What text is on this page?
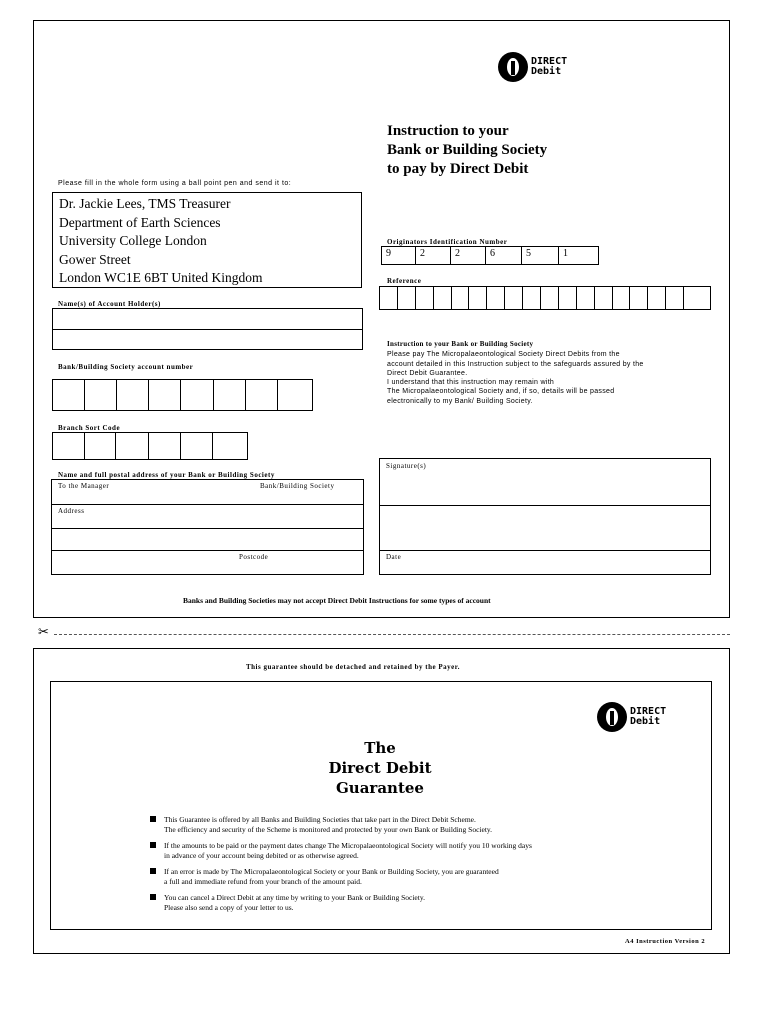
DIRECT
Debit
Instruction to your
Bank or Building Society
to pay by Direct Debit
Please fill in the whole form using a ball point pen and send it to:
Dr. Jackie Lees, TMS Treasurer
Department of Earth Sciences
University College London
Gower Street
London WC1E 6BT United Kingdom
Originators Identification Number
9	2	2	6	5	1
Reference
Name(s) of Account Holder(s)
Bank/Building Society account number
Branch Sort Code
Name and full postal address of your Bank or Building Society
To the Manager	Bank/Building Society
Address
Postcode
Instruction to your Bank or Building Society
Please pay The Micropalaeontological Society Direct Debits from the
account detailed in this Instruction subject to the safeguards assured by the
Direct Debit Guarantee.
I understand that this instruction may remain with
The Micropalaeontological Society and, if so, details will be passed
electronically to my Bank/ Building Society.
Signature(s)
Date
Banks and Building Societies may not accept Direct Debit Instructions for some types of account
✂
This guarantee should be detached and retained by the Payer.
DIRECT
Debit
The
Direct Debit
Guarantee
This Guarantee is offered by all Banks and Building Societies that take part in the Direct Debit Scheme.
The efficiency and security of the Scheme is monitored and protected by your own Bank or Building Society.
If the amounts to be paid or the payment dates change The Micropalaeontological Society will notify you 10 working days
in advance of your account being debited or as otherwise agreed.
If an error is made by The Micropalaeontological Society or your Bank or Building Society, you are guaranteed
a full and immediate refund from your branch of the amount paid.
You can cancel a Direct Debit at any time by writing to your Bank or Building Society.
Please also send a copy of your letter to us.
A4 Instruction Version 2
